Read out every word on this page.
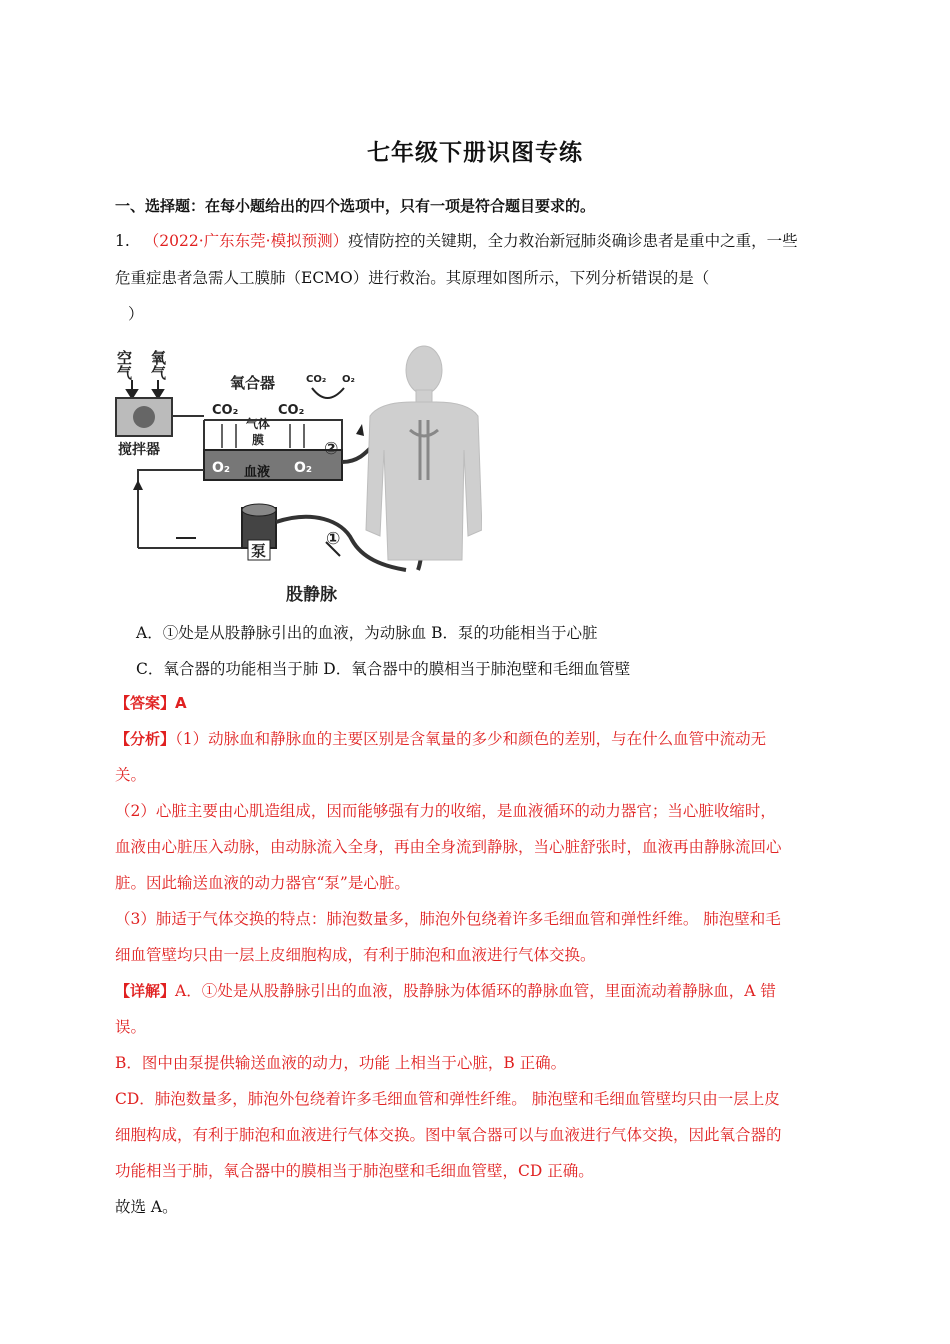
七年级下册识图专练
一、选择题：在每小题给出的四个选项中，只有一项是符合题目要求的。
1. （2022·广东东莞·模拟预测）疫情防控的关键期，全力救治新冠肺炎确诊患者是重中之重，一些
危重症患者急需人工膜肺（ECMO）进行救治。其原理如图所示，下列分析错误的是（
）
空气 氧气
搅拌器
氧合器	CO₂ O₂
CO₂	CO₂
气体
膜
O₂	O₂
血液
②
泵
①
股静脉
A．①处是从股静脉引出的血液，为动脉血 B．泵的功能相当于心脏
C．氧合器的功能相当于肺 D．氧合器中的膜相当于肺泡壁和毛细血管壁
【答案】A
【分析】（1）动脉血和静脉血的主要区别是含氧量的多少和颜色的差别，与在什么血管中流动无
关。
（2）心脏主要由心肌造组成，因而能够强有力的收缩，是血液循环的动力器官；当心脏收缩时，
血液由心脏压入动脉，由动脉流入全身，再由全身流到静脉，当心脏舒张时，血液再由静脉流回心
脏。因此输送血液的动力器官“泵”是心脏。
（3）肺适于气体交换的特点：肺泡数量多，肺泡外包绕着许多毛细血管和弹性纤维。 肺泡壁和毛
细血管壁均只由一层上皮细胞构成，有利于肺泡和血液进行气体交换。
【详解】A．①处是从股静脉引出的血液，股静脉为体循环的静脉血管，里面流动着静脉血，A 错
误。
B．图中由泵提供输送血液的动力，功能 上相当于心脏，B 正确。
CD．肺泡数量多，肺泡外包绕着许多毛细血管和弹性纤维。 肺泡壁和毛细血管壁均只由一层上皮
细胞构成，有利于肺泡和血液进行气体交换。图中氧合器可以与血液进行气体交换，因此氧合器的
功能相当于肺，氧合器中的膜相当于肺泡壁和毛细血管壁，CD 正确。
故选 A。
